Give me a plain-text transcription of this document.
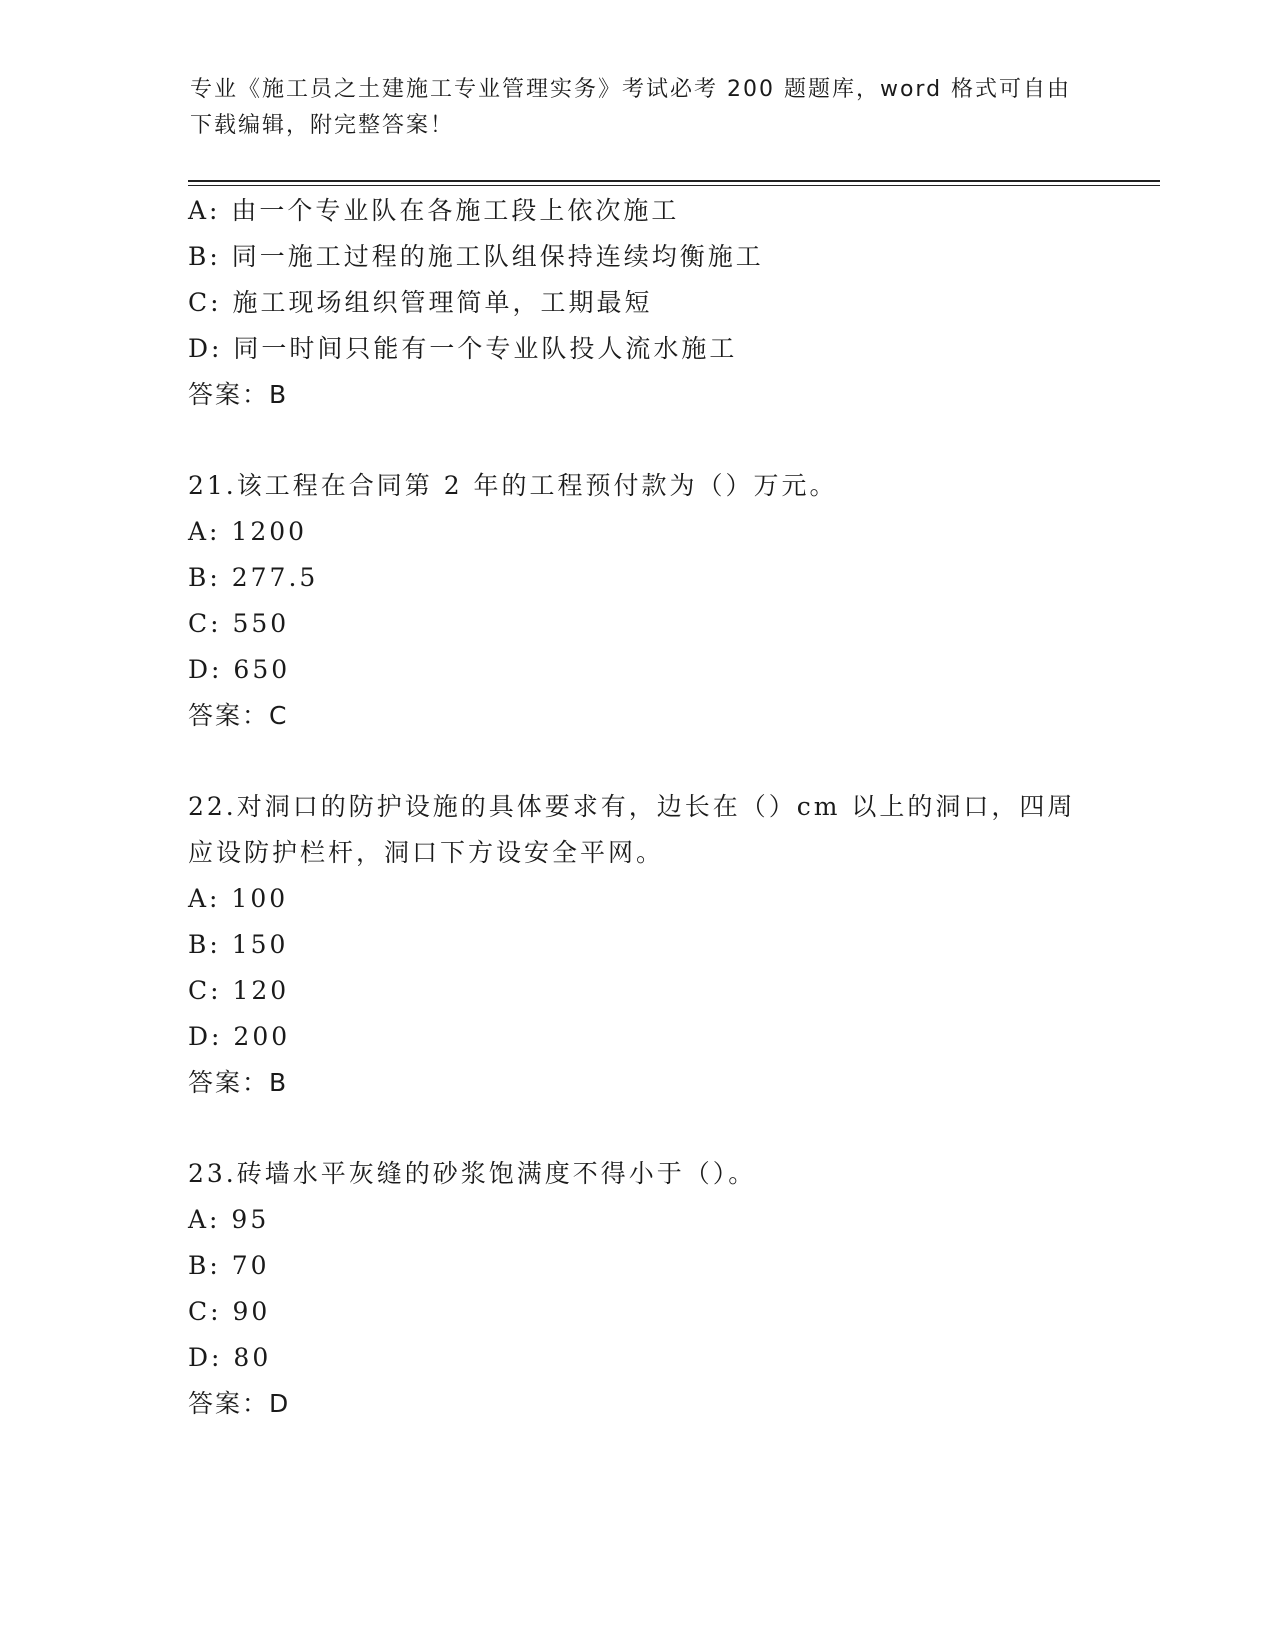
专业《施工员之土建施工专业管理实务》考试必考 200 题题库，word 格式可自由
下载编辑，附完整答案！
A: 由一个专业队在各施工段上依次施工
B: 同一施工过程的施工队组保持连续均衡施工
C: 施工现场组织管理简单，工期最短
D: 同一时间只能有一个专业队投人流水施工
答案：B
21.该工程在合同第 2 年的工程预付款为（）万元。
A: 1200
B: 277.5
C: 550
D: 650
答案：C
22.对洞口的防护设施的具体要求有，边长在（）cm 以上的洞口，四周应设防护栏杆，洞口下方设安全平网。
A: 100
B: 150
C: 120
D: 200
答案：B
23.砖墙水平灰缝的砂浆饱满度不得小于（）。
A: 95
B: 70
C: 90
D: 80
答案：D
